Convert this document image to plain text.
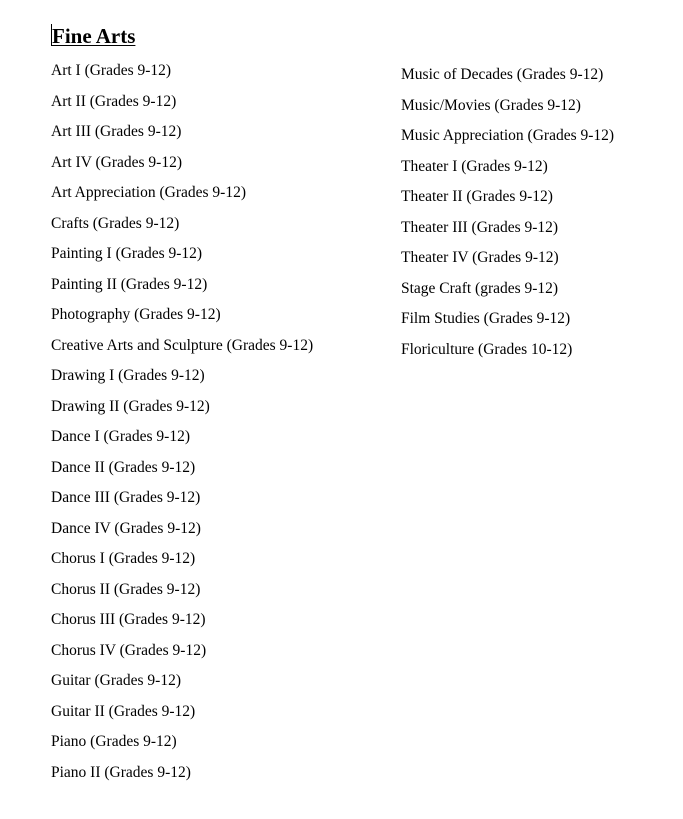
Fine Arts
Art I (Grades 9-12)
Art II (Grades 9-12)
Art III (Grades 9-12)
Art IV (Grades 9-12)
Art Appreciation (Grades 9-12)
Crafts (Grades 9-12)
Painting I (Grades 9-12)
Painting II (Grades 9-12)
Photography (Grades 9-12)
Creative Arts and Sculpture (Grades 9-12)
Drawing I (Grades 9-12)
Drawing II (Grades 9-12)
Dance I (Grades 9-12)
Dance II (Grades 9-12)
Dance III (Grades 9-12)
Dance IV (Grades 9-12)
Chorus I (Grades 9-12)
Chorus II (Grades 9-12)
Chorus III (Grades 9-12)
Chorus IV (Grades 9-12)
Guitar (Grades 9-12)
Guitar II (Grades 9-12)
Piano (Grades 9-12)
Piano II (Grades 9-12)
Music of Decades (Grades 9-12)
Music/Movies (Grades 9-12)
Music Appreciation (Grades 9-12)
Theater I (Grades 9-12)
Theater II (Grades 9-12)
Theater III (Grades 9-12)
Theater IV (Grades 9-12)
Stage Craft (grades 9-12)
Film Studies (Grades 9-12)
Floriculture (Grades 10-12)
